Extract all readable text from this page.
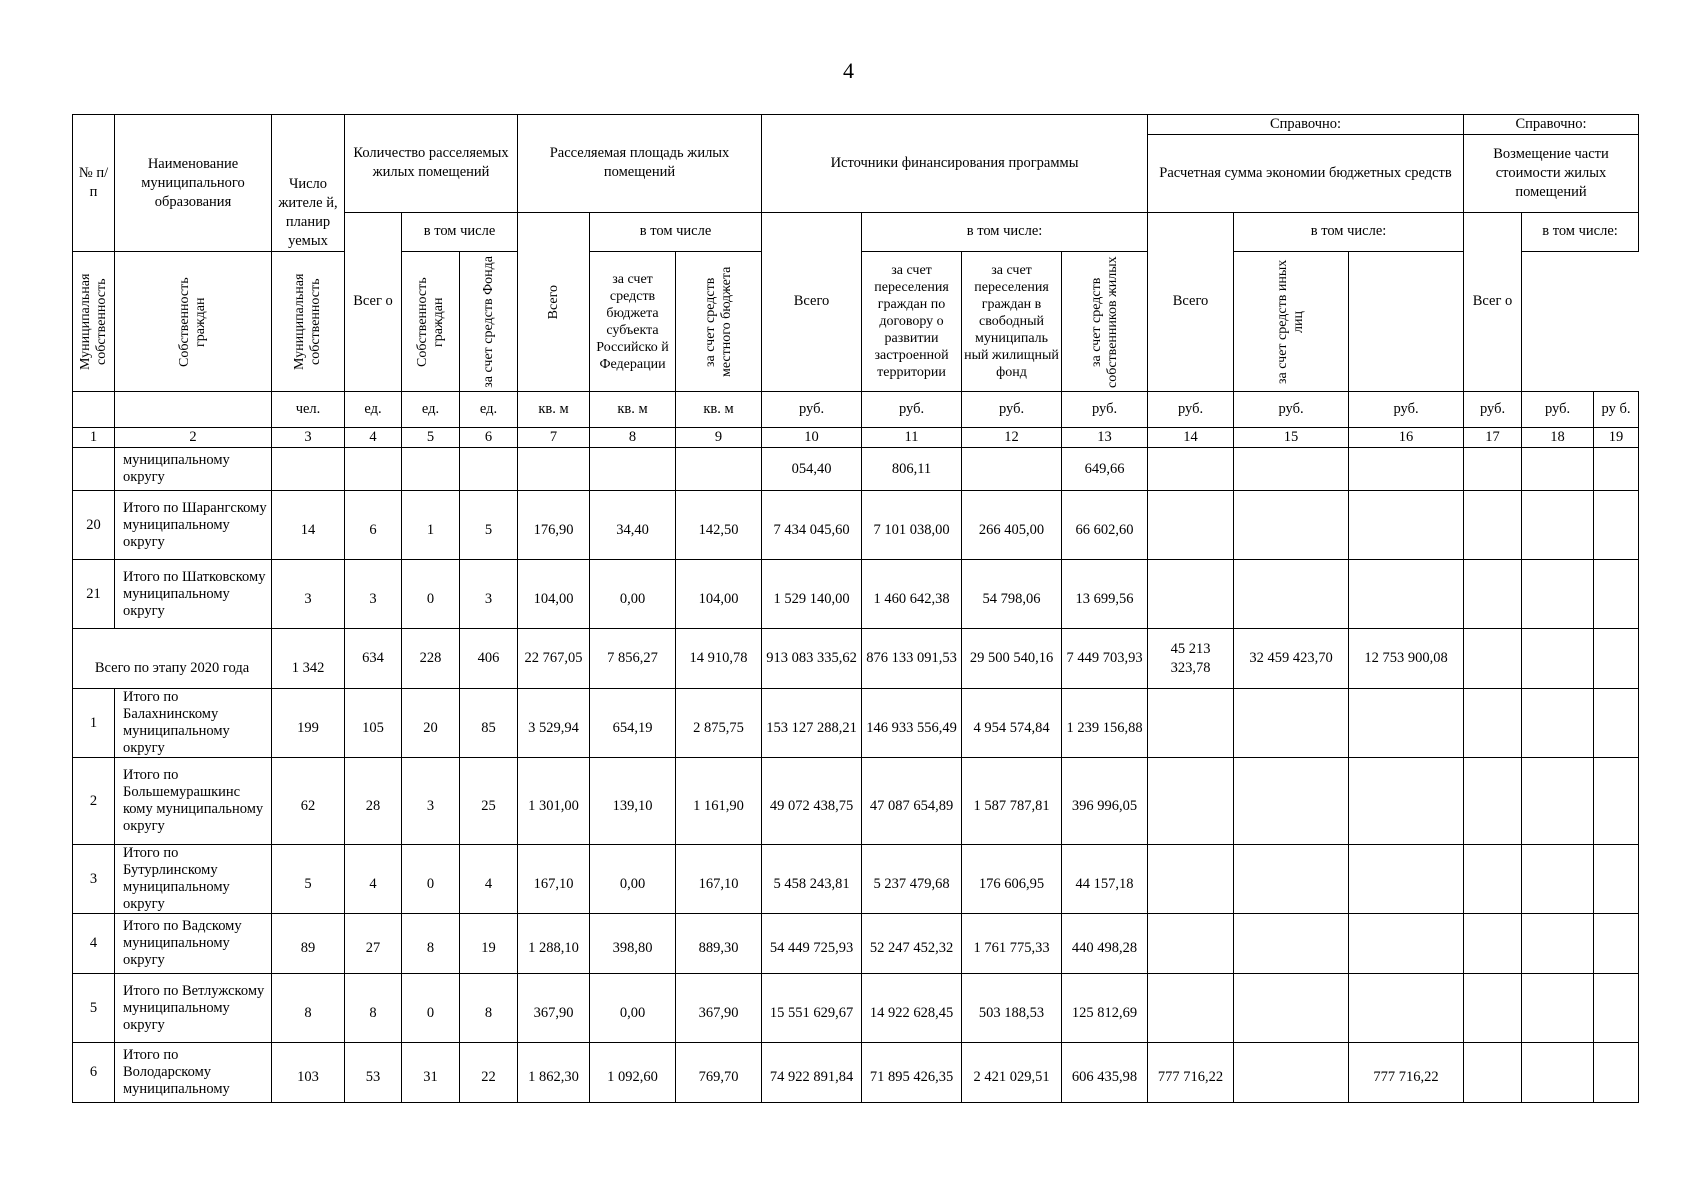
4
№ п/ п	Наименование муниципального образования	Число жителе й, планир уемых	Количество расселяемых жилых помещений			Расселяемая площадь жилых помещений			Источники финансирования программы				Справочно:			Справочно:		
													Расчетная сумма экономии бюджетных средств			Возмещение части стоимости жилых помещений		

			Всег о	в том числе		Всего	в том числе		Всего	в том числе:			Всего	в том числе:		Всег о	в том числе:	

Муниципальная собственность	Собственность граждан	Муниципальная собственность		Собственность граждан	за счет средств Фонда		за счет средств бюджета субъекта Российско й Федерации	за счет средств местного бюджета		за счет переселения граждан по договору о развитии застроенной территории	за счет переселения граждан в свободный муниципаль ный жилищный фонд	за счет средств собственников жилых		за счет средств иных лиц				

		чел.	ед.	ед.	ед.	кв. м	кв. м	кв. м	руб.	руб.	руб.	руб.	руб.	руб.	руб.	руб.	руб.	ру б.
1	2	3	4	5	6	7	8	9	10	11	12	13	14	15	16	17	18	19
	муниципальному округу								054,40	806,11		649,66						
20	Итого по Шарангскому муниципальному округу	14	6	1	5	176,90	34,40	142,50	7 434 045,60	7 101 038,00	266 405,00	66 602,60						
21	Итого по Шатковскому муниципальному округу	3	3	0	3	104,00	0,00	104,00	1 529 140,00	1 460 642,38	54 798,06	13 699,56						
Всего по этапу 2020 года		1 342	634	228	406	22 767,05	7 856,27	14 910,78	913 083 335,62	876 133 091,53	29 500 540,16	7 449 703,93	45 213 323,78	32 459 423,70	12 753 900,08			
1	Итого по Балахнинскому муниципальному округу	199	105	20	85	3 529,94	654,19	2 875,75	153 127 288,21	146 933 556,49	4 954 574,84	1 239 156,88						
2	Итого по Большемурашкинс кому муниципальному округу	62	28	3	25	1 301,00	139,10	1 161,90	49 072 438,75	47 087 654,89	1 587 787,81	396 996,05						
3	Итого по Бутурлинскому муниципальному округу	5	4	0	4	167,10	0,00	167,10	5 458 243,81	5 237 479,68	176 606,95	44 157,18						
4	Итого по Вадскому муниципальному округу	89	27	8	19	1 288,10	398,80	889,30	54 449 725,93	52 247 452,32	1 761 775,33	440 498,28						
5	Итого по Ветлужскому муниципальному округу	8	8	0	8	367,90	0,00	367,90	15 551 629,67	14 922 628,45	503 188,53	125 812,69						
6	Итого по Володарскому муниципальному	103	53	31	22	1 862,30	1 092,60	769,70	74 922 891,84	71 895 426,35	2 421 029,51	606 435,98	777 716,22		777 716,22			
